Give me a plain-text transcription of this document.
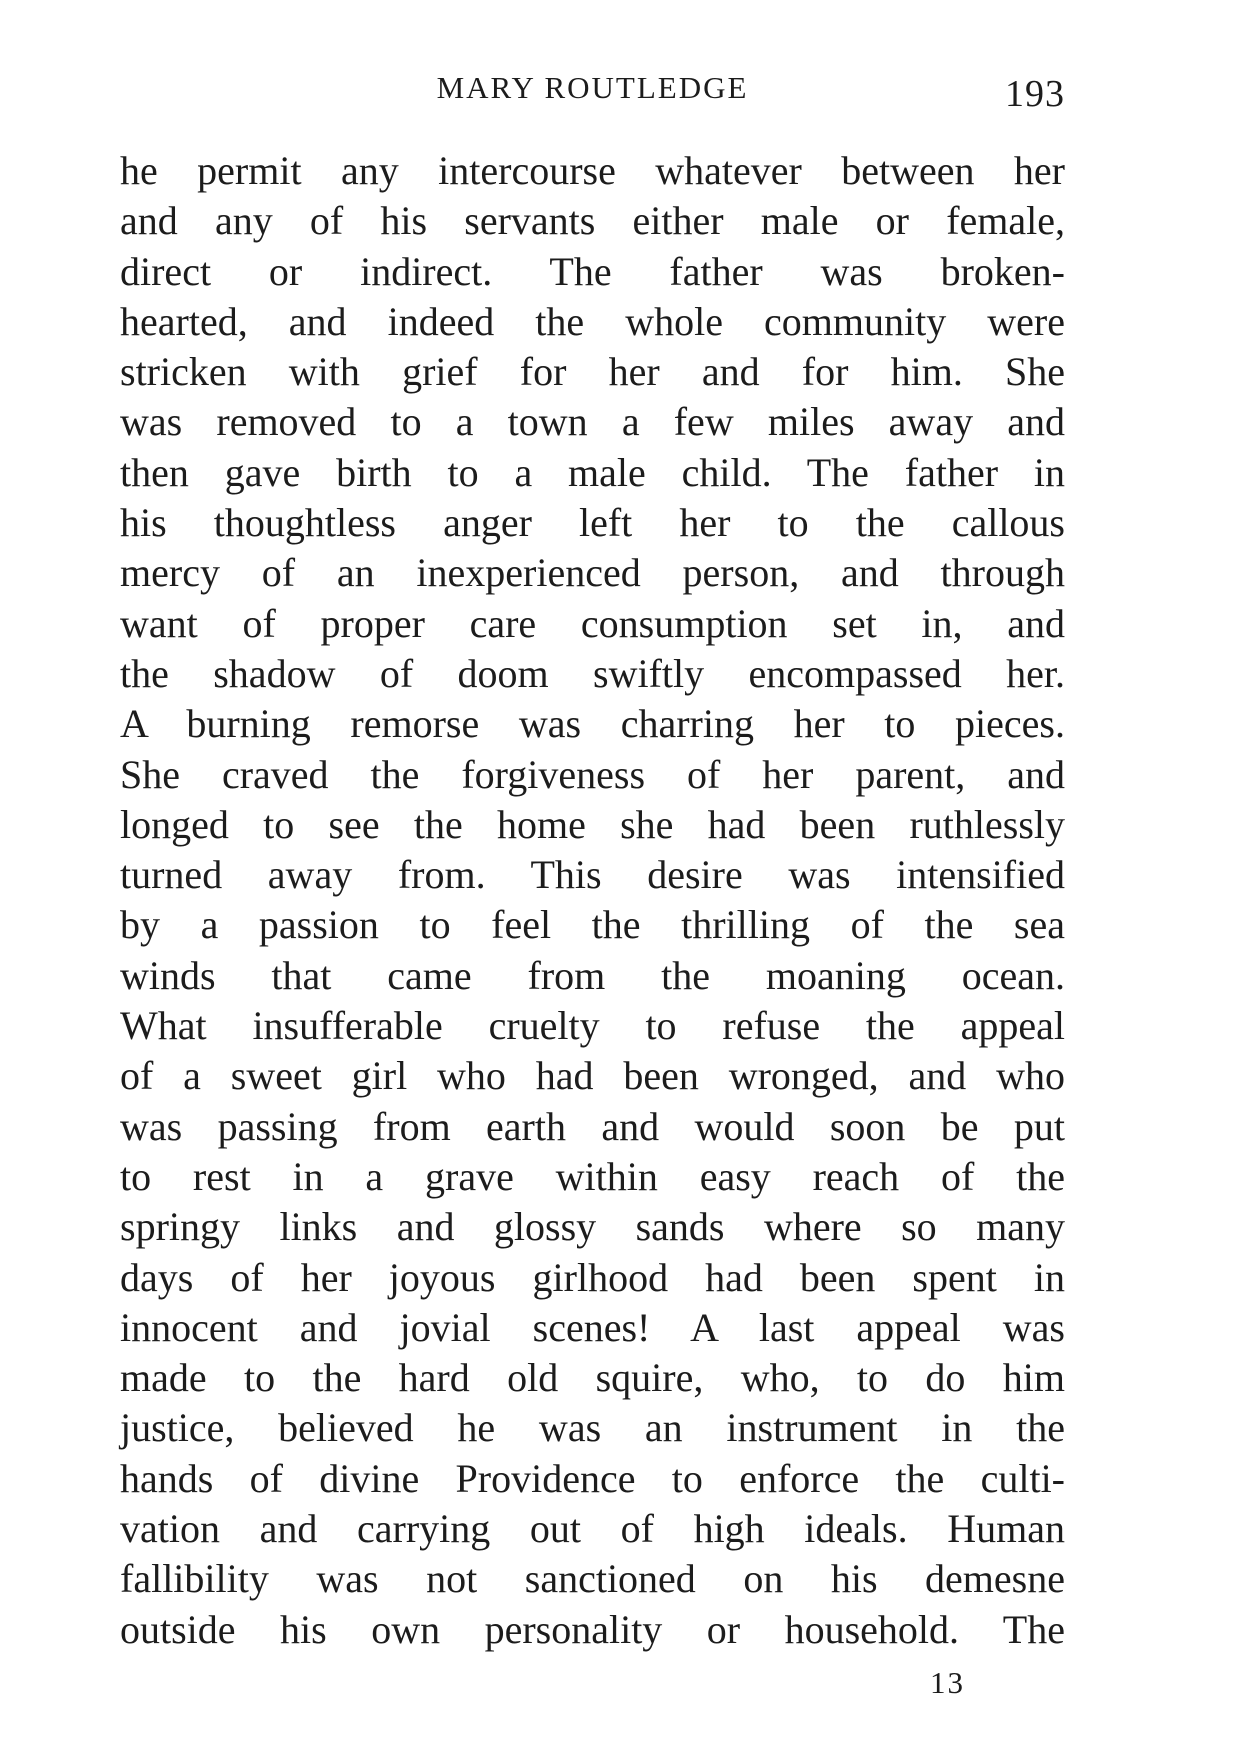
MARY ROUTLEDGE	193
he permit any intercourse whatever between her
and any of his servants either male or female,
direct or indirect. The father was broken-
hearted, and indeed the whole community were
stricken with grief for her and for him. She
was removed to a town a few miles away and
then gave birth to a male child. The father in
his thoughtless anger left her to the callous
mercy of an inexperienced person, and through
want of proper care consumption set in, and
the shadow of doom swiftly encompassed her.
A burning remorse was charring her to pieces.
She craved the forgiveness of her parent, and
longed to see the home she had been ruthlessly
turned away from. This desire was intensified
by a passion to feel the thrilling of the sea
winds that came from the moaning ocean.
What insufferable cruelty to refuse the appeal
of a sweet girl who had been wronged, and who
was passing from earth and would soon be put
to rest in a grave within easy reach of the
springy links and glossy sands where so many
days of her joyous girlhood had been spent in
innocent and jovial scenes! A last appeal was
made to the hard old squire, who, to do him
justice, believed he was an instrument in the
hands of divine Providence to enforce the culti-
vation and carrying out of high ideals. Human
fallibility was not sanctioned on his demesne
outside his own personality or household. The
13
